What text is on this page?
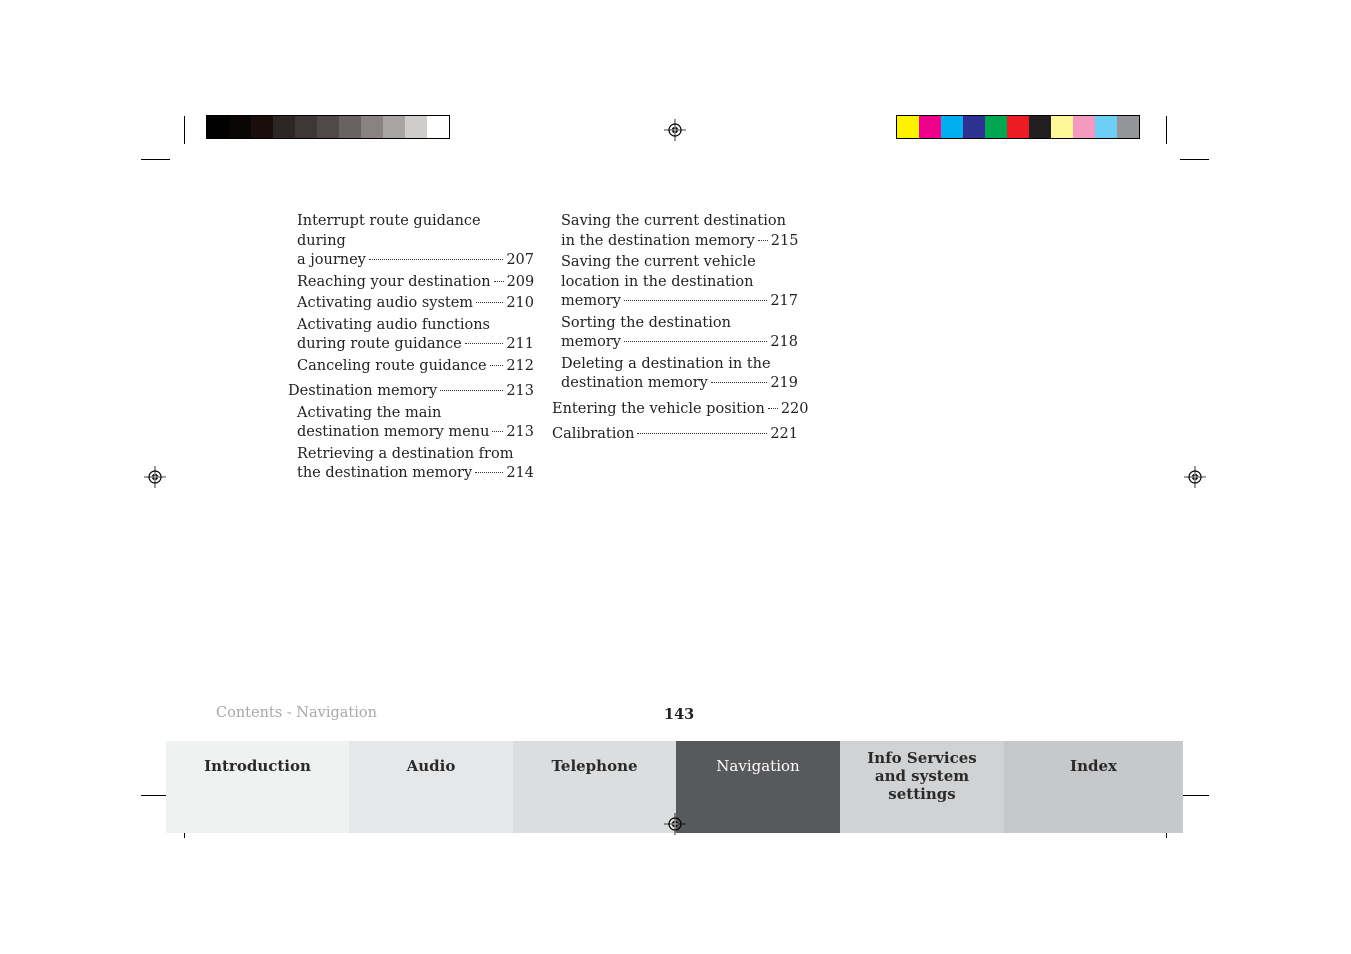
Interrupt route guidance during
a journey	207
Reaching your destination 209
Activating audio system 210
Activating audio functions
during route guidance	211
Canceling route guidance 212
Destination memory	213
Activating the main
destination memory menu 213
Retrieving a destination from
the destination memory 214
Saving the current destination
in the destination memory 215
Saving the current vehicle
location in the destination
memory	217
Sorting the destination
memory	218
Deleting a destination in the
destination memory	219
Entering the vehicle position 220
Calibration	221
Contents - Navigation	143
Introduction	Audio	Telephone	Navigation	Info Services and system settings
Index
